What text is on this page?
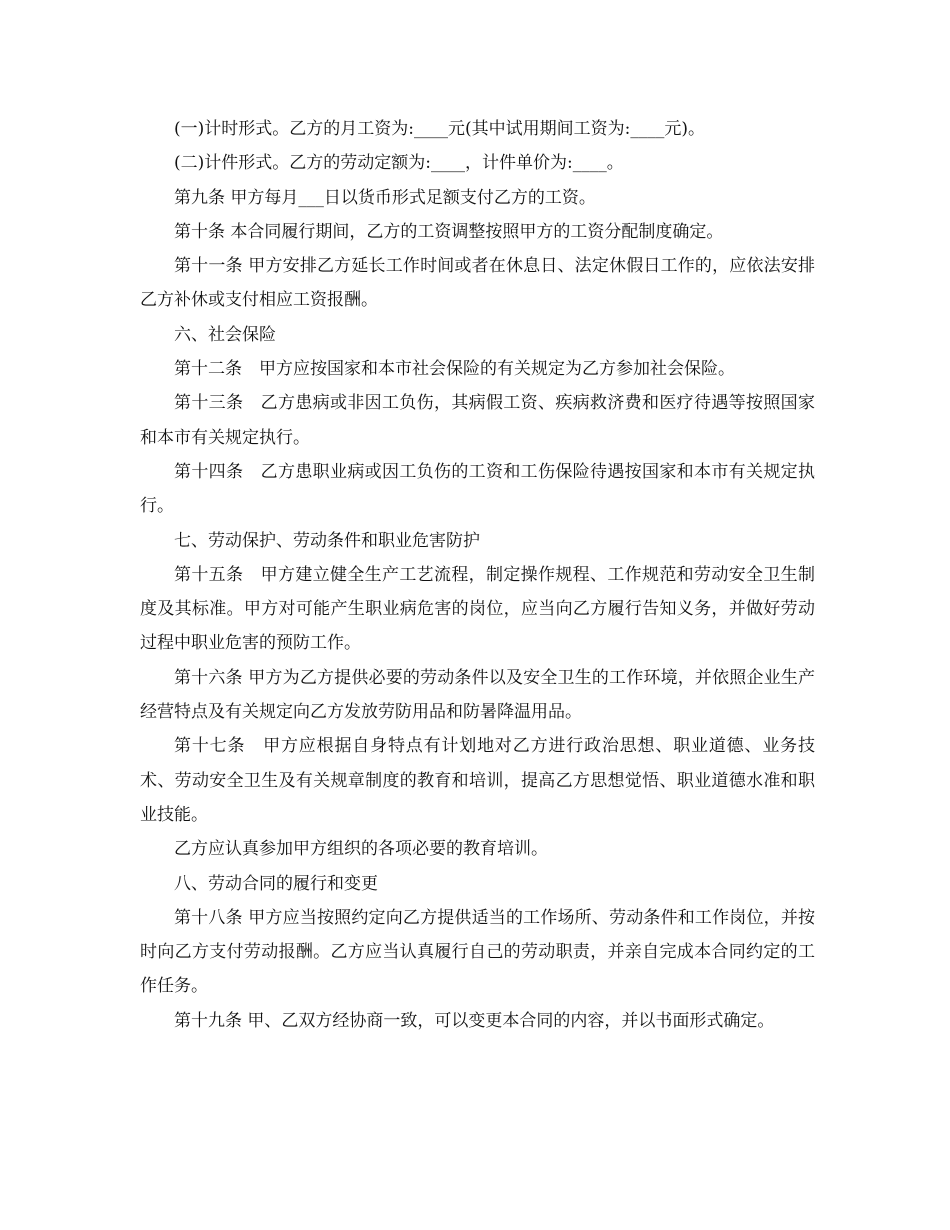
(一)计时形式。乙方的月工资为:____元(其中试用期间工资为:____元)。

(二)计件形式。乙方的劳动定额为:____，计件单价为:____。

第九条 甲方每月___日以货币形式足额支付乙方的工资。

第十条 本合同履行期间，乙方的工资调整按照甲方的工资分配制度确定。

第十一条 甲方安排乙方延长工作时间或者在休息日、法定休假日工作的，应依法安排乙方补休或支付相应工资报酬。

六、社会保险

第十二条　甲方应按国家和本市社会保险的有关规定为乙方参加社会保险。

第十三条　乙方患病或非因工负伤，其病假工资、疾病救济费和医疗待遇等按照国家和本市有关规定执行。

第十四条　乙方患职业病或因工负伤的工资和工伤保险待遇按国家和本市有关规定执行。

七、劳动保护、劳动条件和职业危害防护

第十五条　甲方建立健全生产工艺流程，制定操作规程、工作规范和劳动安全卫生制度及其标准。甲方对可能产生职业病危害的岗位，应当向乙方履行告知义务，并做好劳动过程中职业危害的预防工作。

第十六条 甲方为乙方提供必要的劳动条件以及安全卫生的工作环境，并依照企业生产经营特点及有关规定向乙方发放劳防用品和防暑降温用品。

第十七条　甲方应根据自身特点有计划地对乙方进行政治思想、职业道德、业务技术、劳动安全卫生及有关规章制度的教育和培训，提高乙方思想觉悟、职业道德水准和职业技能。

乙方应认真参加甲方组织的各项必要的教育培训。

八、劳动合同的履行和变更

第十八条 甲方应当按照约定向乙方提供适当的工作场所、劳动条件和工作岗位，并按时向乙方支付劳动报酬。乙方应当认真履行自己的劳动职责，并亲自完成本合同约定的工作任务。

第十九条 甲、乙双方经协商一致，可以变更本合同的内容，并以书面形式确定。
